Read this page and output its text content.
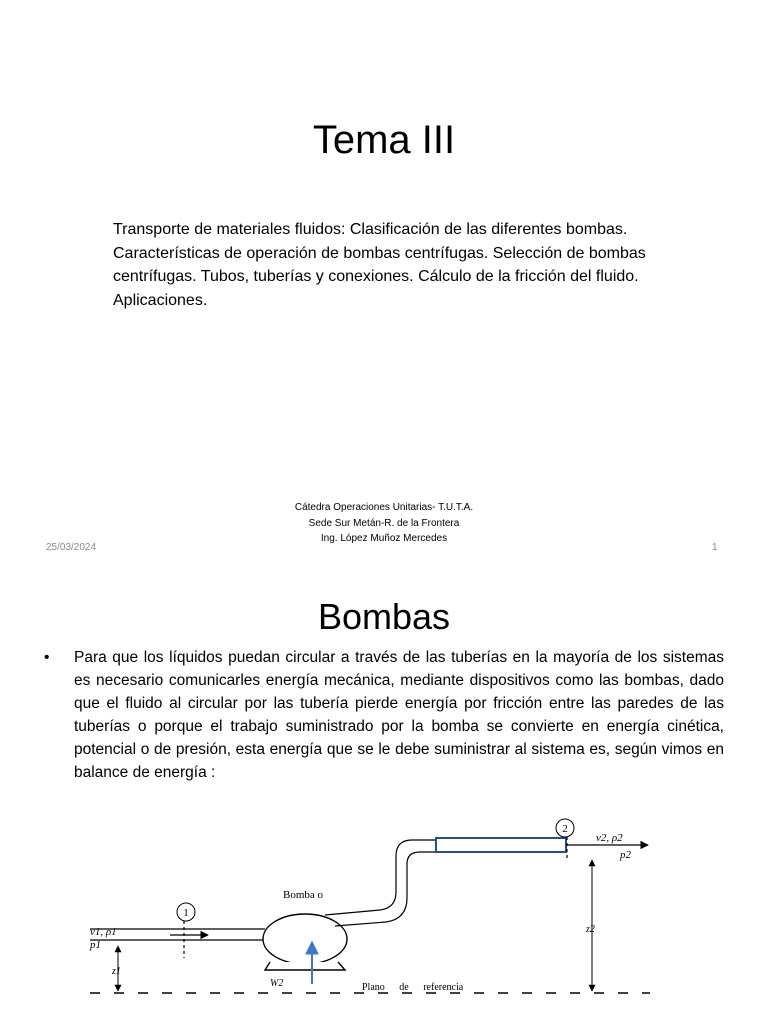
Tema III
Transporte de materiales fluidos: Clasificación de las diferentes bombas. Características de operación de bombas centrífugas. Selección de bombas centrífugas. Tubos, tuberías y conexiones. Cálculo de la fricción del fluido. Aplicaciones.
Cátedra Operaciones Unitarias- T.U.T.A.
Sede Sur Metán-R. de la Frontera
Ing. López Muñoz Mercedes
25/03/2024	1
Bombas
• Para que los líquidos puedan circular a través de las tuberías en la mayoría de los sistemas es necesario comunicarles energía mecánica, mediante dispositivos como las bombas, dado que el fluido al circular por las tubería pierde energía por fricción entre las paredes de las tuberías o porque el trabajo suministrado por la bomba se convierte en energía cinética, potencial o de presión, esta energía que se le debe suministrar al sistema es, según vimos en balance de energía :
1
2
Bomba o
v1, ρ1
p1
v2, ρ2
p2
z1
z2
W2	Plano de referencia
